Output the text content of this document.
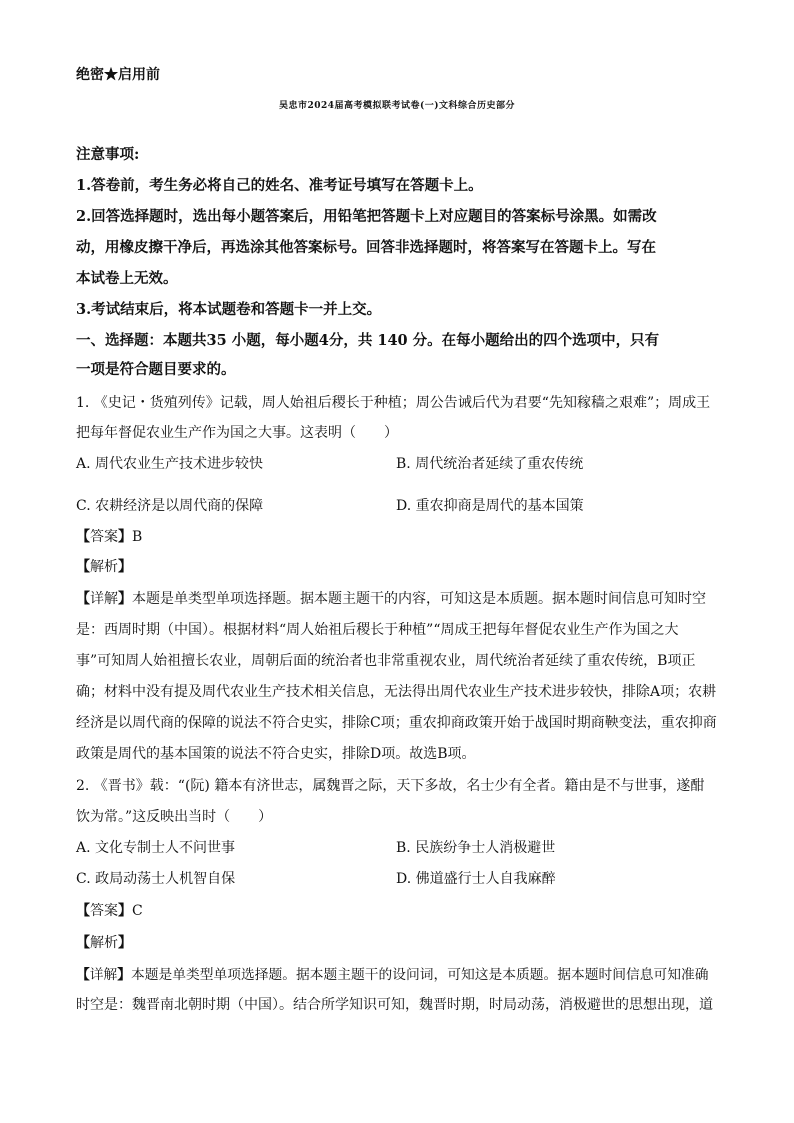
绝密★启用前
吴忠市2024届高考模拟联考试卷(一)文科综合历史部分
注意事项:
1.答卷前，考生务必将自己的姓名、准考证号填写在答题卡上。
2.回答选择题时，选出每小题答案后，用铅笔把答题卡上对应题目的答案标号涂黑。如需改
动，用橡皮擦干净后，再选涂其他答案标号。回答非选择题时，将答案写在答题卡上。写在
本试卷上无效。
3.考试结束后，将本试题卷和答题卡一并上交。
一、选择题：本题共35 小题，每小题4分，共 140 分。在每小题给出的四个选项中，只有
一项是符合题目要求的。
1. 《史记・货殖列传》记载，周人始祖后稷长于种植；周公告诫后代为君要“先知稼穑之艰难”；周成王
把每年督促农业生产作为国之大事。这表明（　　）
A. 周代农业生产技术进步较快	B. 周代统治者延续了重农传统
C. 农耕经济是以周代商的保障	D. 重农抑商是周代的基本国策
【答案】B
【解析】
【详解】本题是单类型单项选择题。据本题主题干的内容，可知这是本质题。据本题时间信息可知时空
是：西周时期（中国）。根据材料“周人始祖后稷长于种植”“周成王把每年督促农业生产作为国之大
事”可知周人始祖擅长农业，周朝后面的统治者也非常重视农业，周代统治者延续了重农传统，B项正
确；材料中没有提及周代农业生产技术相关信息，无法得出周代农业生产技术进步较快，排除A项；农耕
经济是以周代商的保障的说法不符合史实，排除C项；重农抑商政策开始于战国时期商鞅变法，重农抑商
政策是周代的基本国策的说法不符合史实，排除D项。故选B项。
2. 《晋书》载：“(阮) 籍本有济世志，属魏晋之际，天下多故，名士少有全者。籍由是不与世事，遂酣
饮为常。”这反映出当时（　　）
A. 文化专制士人不问世事	B. 民族纷争士人消极避世
C. 政局动荡士人机智自保	D. 佛道盛行士人自我麻醉
【答案】C
【解析】
【详解】本题是单类型单项选择题。据本题主题干的设问词，可知这是本质题。据本题时间信息可知准确
时空是：魏晋南北朝时期（中国）。结合所学知识可知，魏晋时期，时局动荡，消极避世的思想出现，道
